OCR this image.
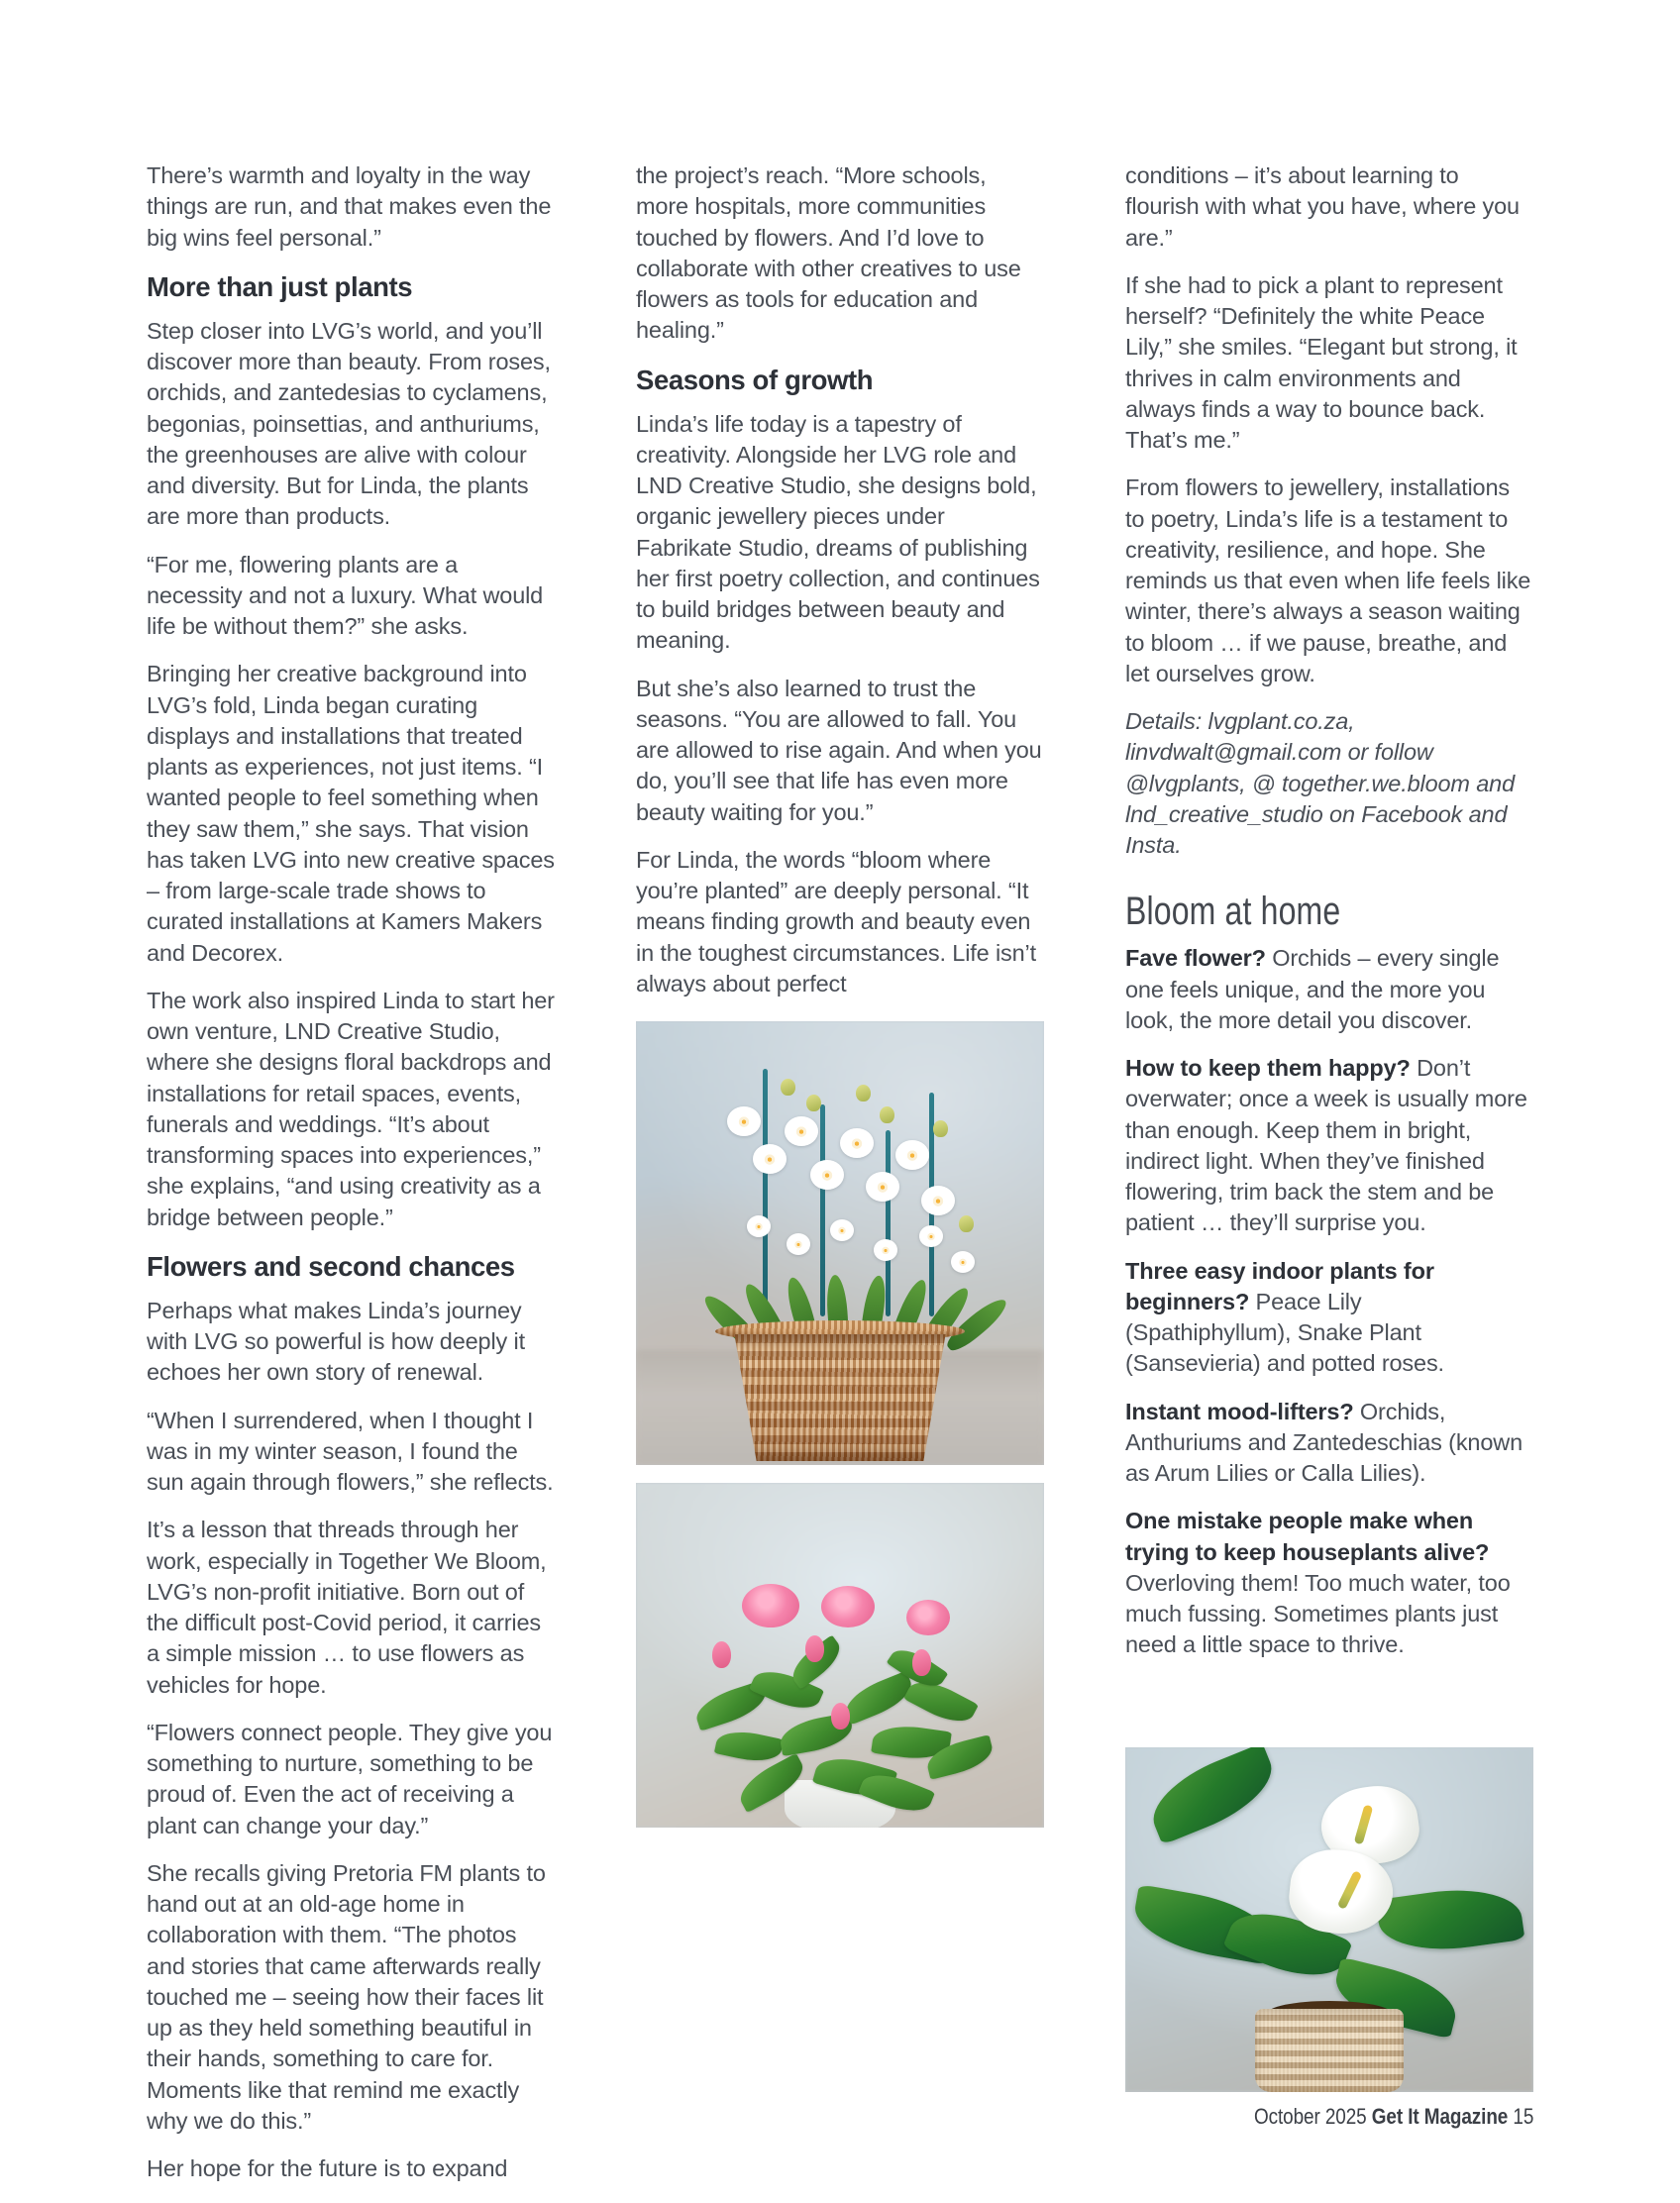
There’s warmth and loyalty in the way things are run, and that makes even the big wins feel personal.”

More than just plants

Step closer into LVG’s world, and you’ll discover more than beauty. From roses, orchids, and zantedesias to cyclamens, begonias, poinsettias, and anthuriums, the greenhouses are alive with colour and diversity. But for Linda, the plants are more than products.

“For me, flowering plants are a necessity and not a luxury. What would life be without them?” she asks.

Bringing her creative background into LVG’s fold, Linda began curating displays and installations that treated plants as experiences, not just items. “I wanted people to feel something when they saw them,” she says. That vision has taken LVG into new creative spaces – from large-scale trade shows to curated installations at Kamers Makers and Decorex.

The work also inspired Linda to start her own venture, LND Creative Studio, where she designs floral backdrops and installations for retail spaces, events, funerals and weddings. “It’s about transforming spaces into experiences,” she explains, “and using creativity as a bridge between people.”

Flowers and second chances

Perhaps what makes Linda’s journey with LVG so powerful is how deeply it echoes her own story of renewal.

“When I surrendered, when I thought I was in my winter season, I found the sun again through flowers,” she reflects.

It’s a lesson that threads through her work, especially in Together We Bloom, LVG’s non-profit initiative. Born out of the difficult post-Covid period, it carries a simple mission … to use flowers as vehicles for hope.

“Flowers connect people. They give you something to nurture, something to be proud of. Even the act of receiving a plant can change your day.”

She recalls giving Pretoria FM plants to hand out at an old-age home in collaboration with them. “The photos and stories that came afterwards really touched me – seeing how their faces lit up as they held something beautiful in their hands, something to care for. Moments like that remind me exactly why we do this.”

Her hope for the future is to expand

the project’s reach. “More schools, more hospitals, more communities touched by flowers. And I’d love to collaborate with other creatives to use flowers as tools for education and healing.”

Seasons of growth

Linda’s life today is a tapestry of creativity. Alongside her LVG role and LND Creative Studio, she designs bold, organic jewellery pieces under Fabrikate Studio, dreams of publishing her first poetry collection, and continues to build bridges between beauty and meaning.

But she’s also learned to trust the seasons. “You are allowed to fall. You are allowed to rise again. And when you do, you’ll see that life has even more beauty waiting for you.”

For Linda, the words “bloom where you’re planted” are deeply personal. “It means finding growth and beauty even in the toughest circumstances. Life isn’t always about perfect

conditions – it’s about learning to flourish with what you have, where you are.”

If she had to pick a plant to represent herself? “Definitely the white Peace Lily,” she smiles. “Elegant but strong, it thrives in calm environments and always finds a way to bounce back. That’s me.”

From flowers to jewellery, installations to poetry, Linda’s life is a testament to creativity, resilience, and hope. She reminds us that even when life feels like winter, there’s always a season waiting to bloom … if we pause, breathe, and let ourselves grow.

Details: lvgplant.co.za, linvdwalt@gmail.com or follow @lvgplants, @ together.we.bloom and lnd_creative_studio on Facebook and Insta.

Bloom at home

Fave flower? Orchids – every single one feels unique, and the more you look, the more detail you discover.

How to keep them happy? Don’t overwater; once a week is usually more than enough. Keep them in bright, indirect light. When they’ve finished flowering, trim back the stem and be patient … they’ll surprise you.

Three easy indoor plants for beginners? Peace Lily (Spathiphyllum), Snake Plant (Sansevieria) and potted roses.

Instant mood-lifters? Orchids, Anthuriums and Zantedeschias (known as Arum Lilies or Calla Lilies).

One mistake people make when trying to keep houseplants alive? Overloving them! Too much water, too much fussing. Sometimes plants just need a little space to thrive.

October 2025 Get It Magazine 15
